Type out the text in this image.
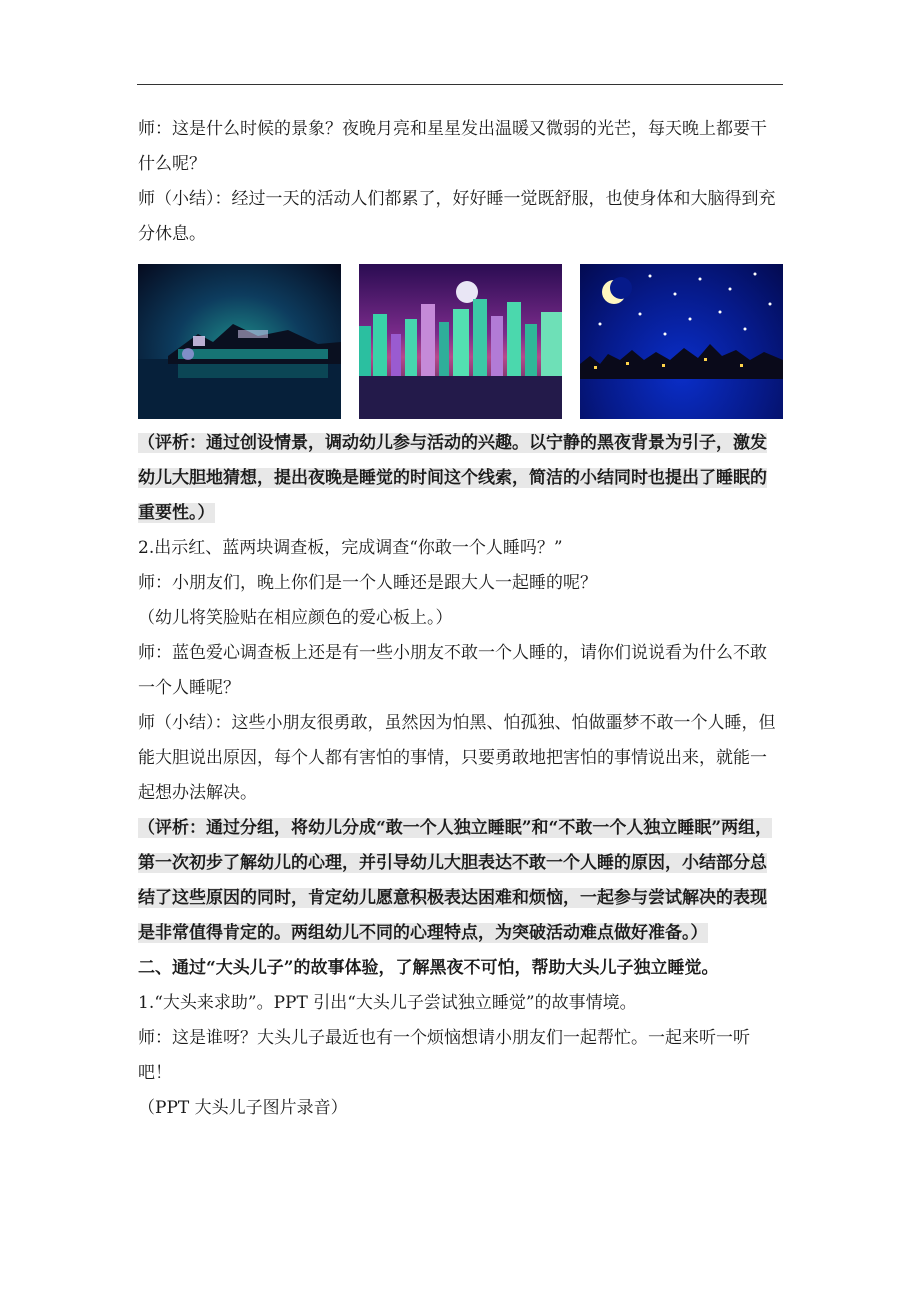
师：这是什么时候的景象？夜晚月亮和星星发出温暖又微弱的光芒，每天晚上都要干什么呢？

师（小结）：经过一天的活动人们都累了，好好睡一觉既舒服，也使身体和大脑得到充分休息。

（评析：通过创设情景，调动幼儿参与活动的兴趣。以宁静的黑夜背景为引子，激发幼儿大胆地猜想，提出夜晚是睡觉的时间这个线索，简洁的小结同时也提出了睡眠的重要性。）

2.出示红、蓝两块调查板，完成调查“你敢一个人睡吗？”

师：小朋友们，晚上你们是一个人睡还是跟大人一起睡的呢？

（幼儿将笑脸贴在相应颜色的爱心板上。）

师：蓝色爱心调查板上还是有一些小朋友不敢一个人睡的，请你们说说看为什么不敢一个人睡呢？

师（小结）：这些小朋友很勇敢，虽然因为怕黑、怕孤独、怕做噩梦不敢一个人睡，但能大胆说出原因，每个人都有害怕的事情，只要勇敢地把害怕的事情说出来，就能一起想办法解决。

（评析：通过分组，将幼儿分成“敢一个人独立睡眠”和“不敢一个人独立睡眠”两组，第一次初步了解幼儿的心理，并引导幼儿大胆表达不敢一个人睡的原因，小结部分总结了这些原因的同时，肯定幼儿愿意积极表达困难和烦恼，一起参与尝试解决的表现是非常值得肯定的。两组幼儿不同的心理特点，为突破活动难点做好准备。）

二、通过“大头儿子”的故事体验，了解黑夜不可怕，帮助大头儿子独立睡觉。

1.“大头来求助”。PPT 引出“大头儿子尝试独立睡觉”的故事情境。

师：这是谁呀？大头儿子最近也有一个烦恼想请小朋友们一起帮忙。一起来听一听吧！

（PPT 大头儿子图片录音）
